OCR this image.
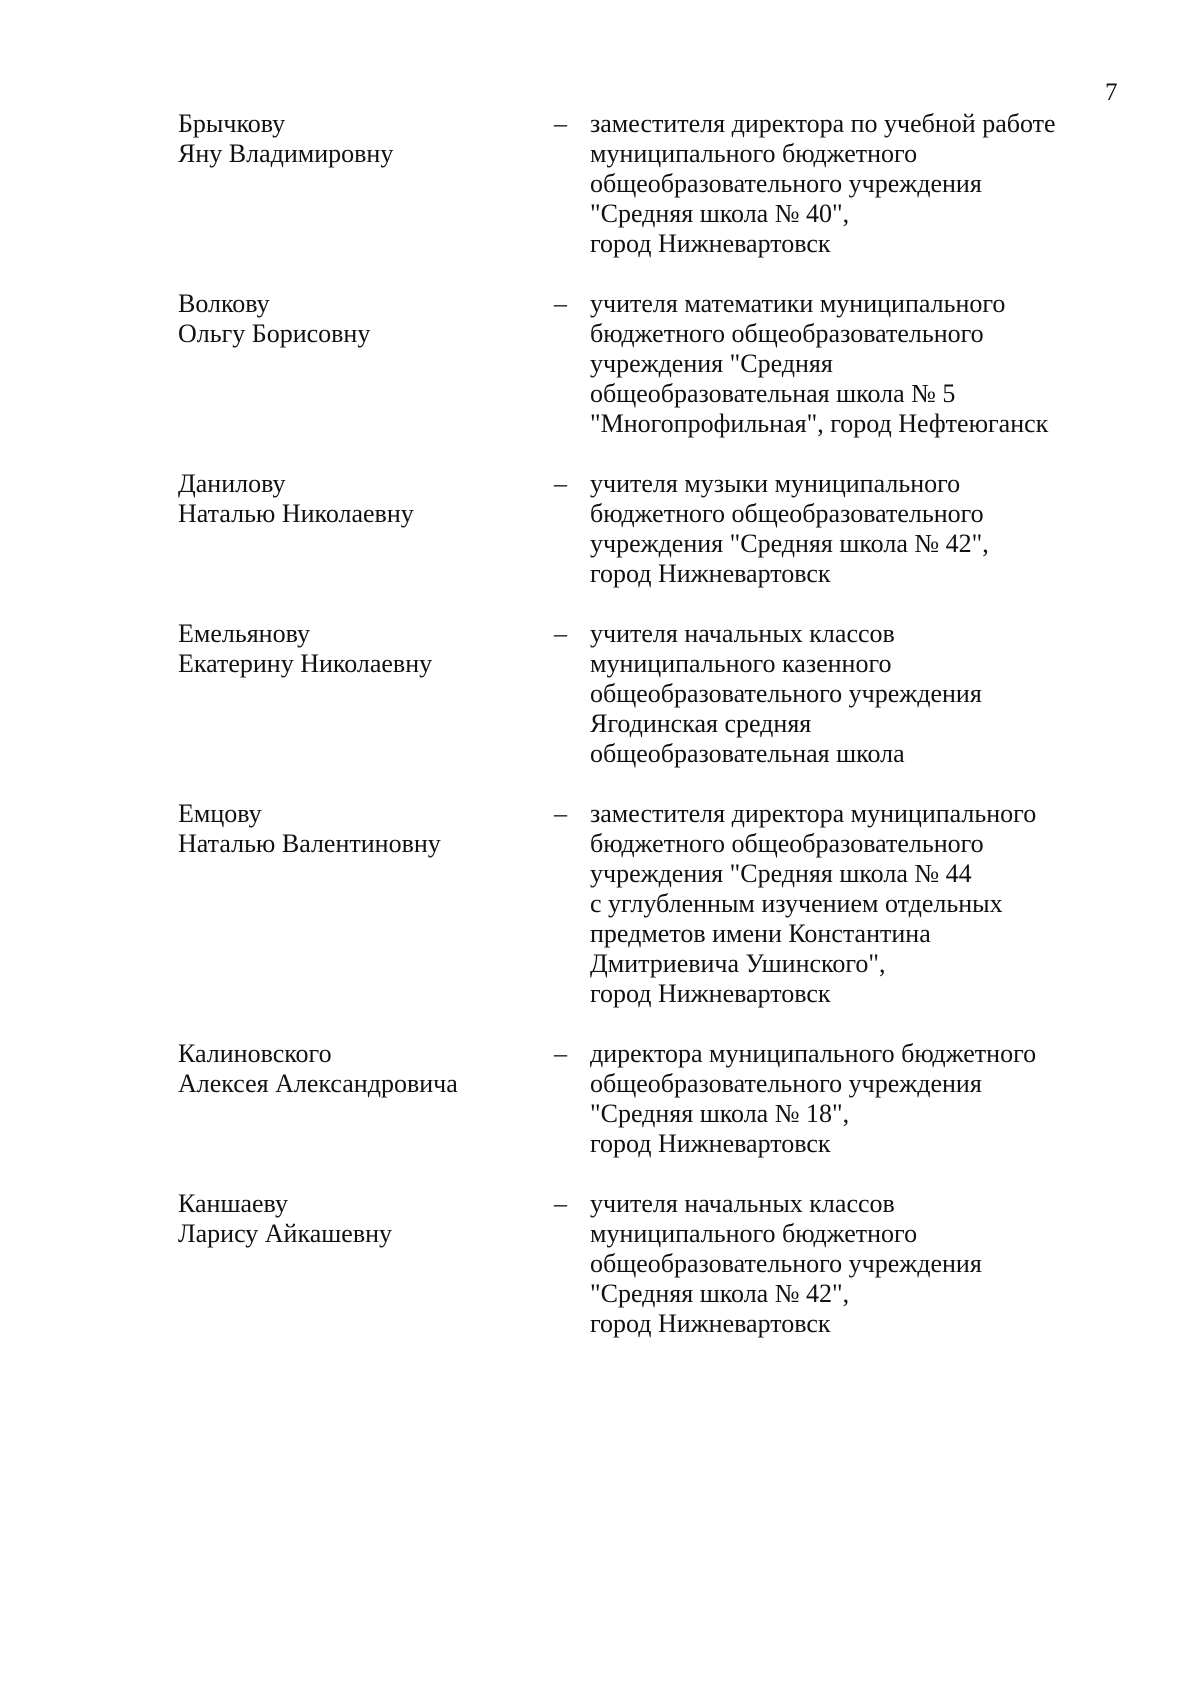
7
Брычкову
Яну Владимировну
– заместителя директора по учебной работе
муниципального бюджетного
общеобразовательного учреждения
"Средняя школа № 40",
город Нижневартовск
Волкову
Ольгу Борисовну
– учителя математики муниципального
бюджетного общеобразовательного
учреждения "Средняя
общеобразовательная школа № 5
"Многопрофильная", город Нефтеюганск
Данилову
Наталью Николаевну
– учителя музыки муниципального
бюджетного общеобразовательного
учреждения "Средняя школа № 42",
город Нижневартовск
Емельянову
Екатерину Николаевну
– учителя начальных классов
муниципального казенного
общеобразовательного учреждения
Ягодинская средняя
общеобразовательная школа
Емцову
Наталью Валентиновну
– заместителя директора муниципального
бюджетного общеобразовательного
учреждения "Средняя школа № 44
с углубленным изучением отдельных
предметов имени Константина
Дмитриевича Ушинского",
город Нижневартовск
Калиновского
Алексея Александровича
– директора муниципального бюджетного
общеобразовательного учреждения
"Средняя школа № 18",
город Нижневартовск
Каншаеву
Ларису Айкашевну
– учителя начальных классов
муниципального бюджетного
общеобразовательного учреждения
"Средняя школа № 42",
город Нижневартовск
